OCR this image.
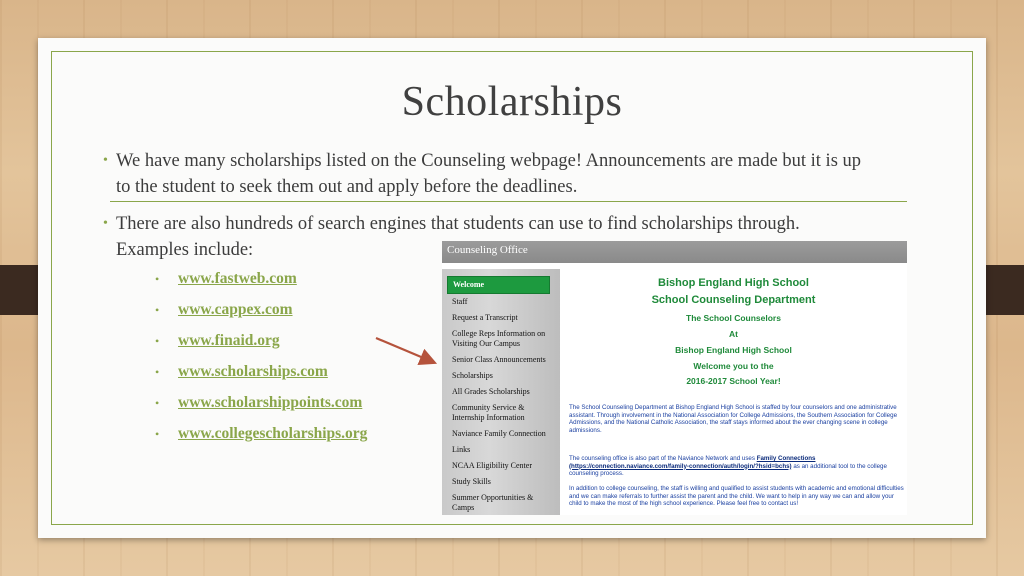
Scholarships
• We have many scholarships listed on the Counseling webpage! Announcements are made but it is up to the student to seek them out and apply before the deadlines.
• There are also hundreds of search engines that students can use to find scholarships through. Examples include:
• www.fastweb.com
• www.cappex.com
• www.finaid.org
• www.scholarships.com
• www.scholarshippoints.com
• www.collegescholarships.org
Counseling Office
Welcome
Staff
Request a Transcript
College Reps Information on Visiting Our Campus
Senior Class Announcements
Scholarships
All Grades Scholarships
Community Service & Internship Information
Naviance Family Connection
Links
NCAA Eligibility Center
Study Skills
Summer Opportunities & Camps
Bishop England High School
School Counseling Department
The School Counselors
At
Bishop England High School
Welcome you to the
2016-2017 School Year!
The School Counseling Department at Bishop England High School is staffed by four counselors and one administrative assistant. Through involvement in the National Association for College Admissions, the Southern Association for College Admissions, and the National Catholic Association, the staff stays informed about the ever changing scene in college admissions.
The counseling office is also part of the Naviance Network and uses Family Connections (https://connection.naviance.com/family-connection/auth/login/?hsid=bchs) as an additional tool to the college counseling process.
In addition to college counseling, the staff is willing and qualified to assist students with academic and emotional difficulties and we can make referrals to further assist the parent and the child. We want to help in any way we can and allow your child to make the most of the high school experience. Please feel free to contact us!
